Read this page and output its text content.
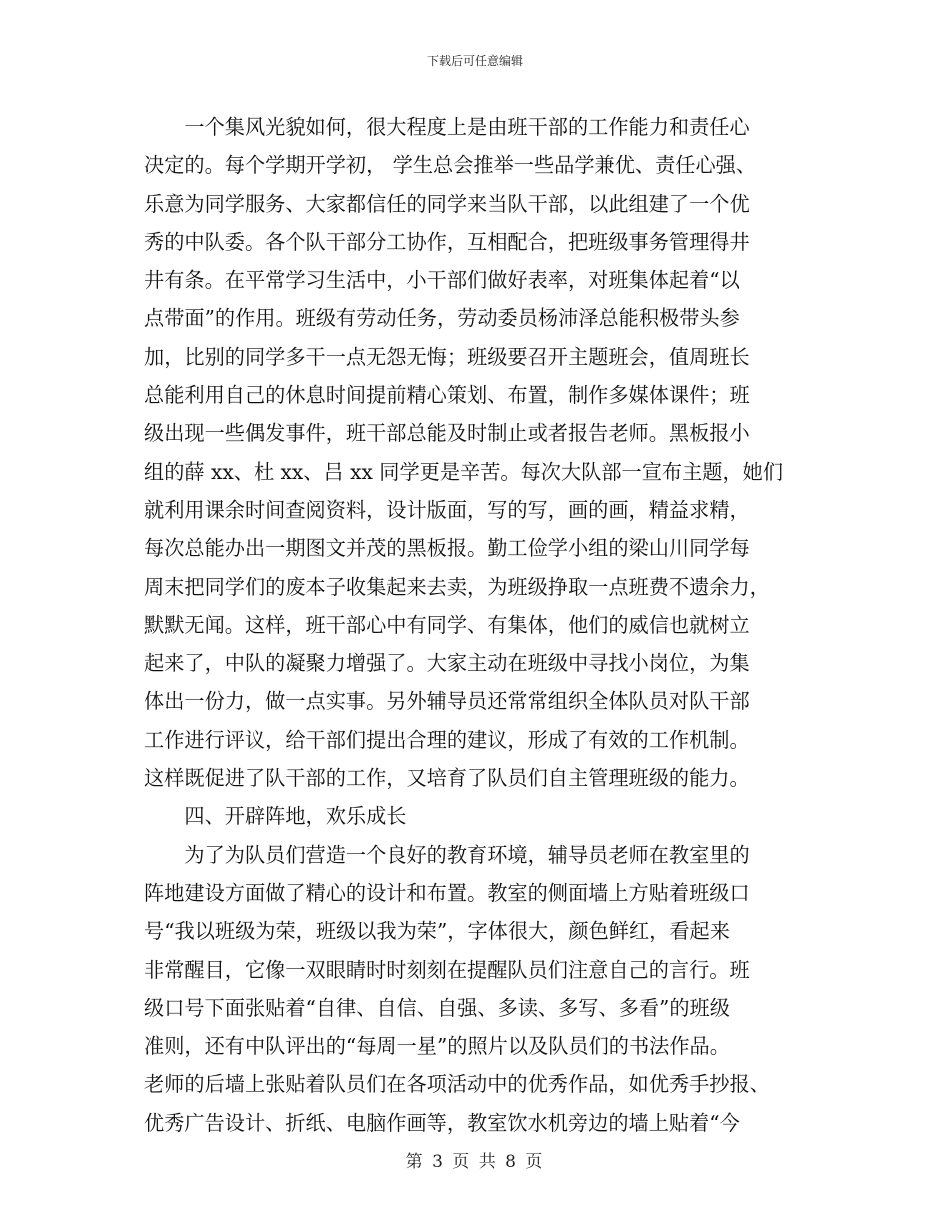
下载后可任意编辑
　　一个集风光貌如何，很大程度上是由班干部的工作能力和责任心
决定的。每个学期开学初， 学生总会推举一些品学兼优、责任心强、
乐意为同学服务、大家都信任的同学来当队干部，以此组建了一个优
秀的中队委。各个队干部分工协作，互相配合，把班级事务管理得井
井有条。在平常学习生活中，小干部们做好表率，对班集体起着“以
点带面”的作用。班级有劳动任务，劳动委员杨沛泽总能积极带头参
加，比别的同学多干一点无怨无悔；班级要召开主题班会，值周班长
总能利用自己的休息时间提前精心策划、布置，制作多媒体课件；班
级出现一些偶发事件，班干部总能及时制止或者报告老师。黑板报小
组的薛 xx、杜 xx、吕 xx 同学更是辛苦。每次大队部一宣布主题，她们
就利用课余时间查阅资料，设计版面，写的写，画的画，精益求精，
每次总能办出一期图文并茂的黑板报。勤工俭学小组的梁山川同学每
周末把同学们的废本子收集起来去卖，为班级挣取一点班费不遗余力，
默默无闻。这样，班干部心中有同学、有集体，他们的威信也就树立
起来了，中队的凝聚力增强了。大家主动在班级中寻找小岗位，为集
体出一份力，做一点实事。另外辅导员还常常组织全体队员对队干部
工作进行评议，给干部们提出合理的建议，形成了有效的工作机制。
这样既促进了队干部的工作，又培育了队员们自主管理班级的能力。
　　四、开辟阵地，欢乐成长
　　为了为队员们营造一个良好的教育环境，辅导员老师在教室里的
阵地建设方面做了精心的设计和布置。教室的侧面墙上方贴着班级口
号“我以班级为荣，班级以我为荣”，字体很大，颜色鲜红，看起来
非常醒目，它像一双眼睛时时刻刻在提醒队员们注意自己的言行。班
级口号下面张贴着“自律、自信、自强、多读、多写、多看”的班级
准则，还有中队评出的“每周一星”的照片以及队员们的书法作品。
老师的后墙上张贴着队员们在各项活动中的优秀作品，如优秀手抄报、
优秀广告设计、折纸、电脑作画等，教室饮水机旁边的墙上贴着“今
第 3 页 共 8 页
